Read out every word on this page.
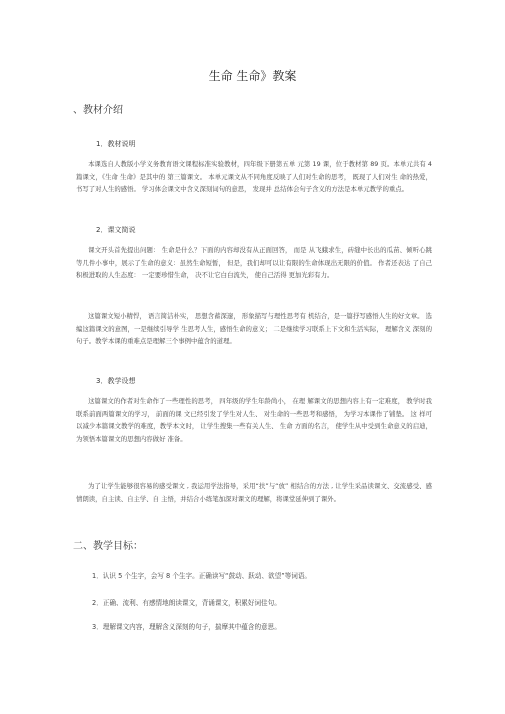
生命 生命》教案
、教材介绍
1．教材说明
本课选自人教版小学义务教育语文课程标准实验教材，四年级下册第五单 元第 19 课，位于教材第 89 页。本单元共有 4 篇课文，《生命 生命》是其中的 第三篇课文。 本单元课文从不同角度反映了人们对生命的思考， 既现了人们对生 命的热爱， 书写了对人生的感悟。 学习体会课文中含义深刻词句的意思， 发现并 总结体会句子含义的方法是本单元教学的重点。
2．课文简说
课文开头首先提出问题： 生命是什么？下面的内容却没有从正面回答， 而是 从飞蛾求生，砖缝中长出的瓜苗、倾听心跳等几件小事中，展示了生命的意义：虽然生命短暂， 但是，我们却可以让有限的生命体现出无限的价值。 作者还表达 了自己积极进取的人生态度： 一定要珍惜生命， 决不让它白白流失， 使自己活得 更加光彩有力。
这篇课文短小精悍， 语言简洁朴实， 思想含蓄深邃， 形象描写与理性思考有 机结合，是一篇抒写感悟人生的好文章。 选编这篇课文的意图，一是继续引导学 生思考人生，感悟生命的意义； 二是继续学习联系上下文和生活实际， 理解含义 深刻的句子。教学本课的重难点是理解三个事例中蕴含的道理。
3．教学设想
这篇课文的作者对生命作了一些理性的思考， 四年级的学生年龄尚小， 在理 解课文的思想内容上有一定难度， 教学时我联系前面两篇课文的学习， 前面的课 文已经引发了学生对人生、 对生命的一些思考和感悟， 为学习本课作了铺垫。 这 样可以减少本篇课文教学的难度，教学本文时， 让学生搜集一些有关人生、 生命 方面的名言， 使学生从中受到生命意义的启迪， 为领悟本篇课文的思想内容做好 准备。
为了让学生能够很容易的感受课文 , 我运用学法指导，采用“扶”与“放” 相结合的方法 , 让学生采品读课文、交流感受、感情朗读，自主读、自主学、自 主悟，并结合小练笔加深对课文的理解，将课堂延伸到了课外。
二、教学目标：
1．认识 5 个生字，会写 8 个生字。正确读写“鼓动、跃动、欲望”等词语。
2．正确、流利、有感情地朗读课文，背诵课文，积累好词佳句。
3．理解课文内容，理解含义深刻的句子，揣摩其中蕴含的意思。
